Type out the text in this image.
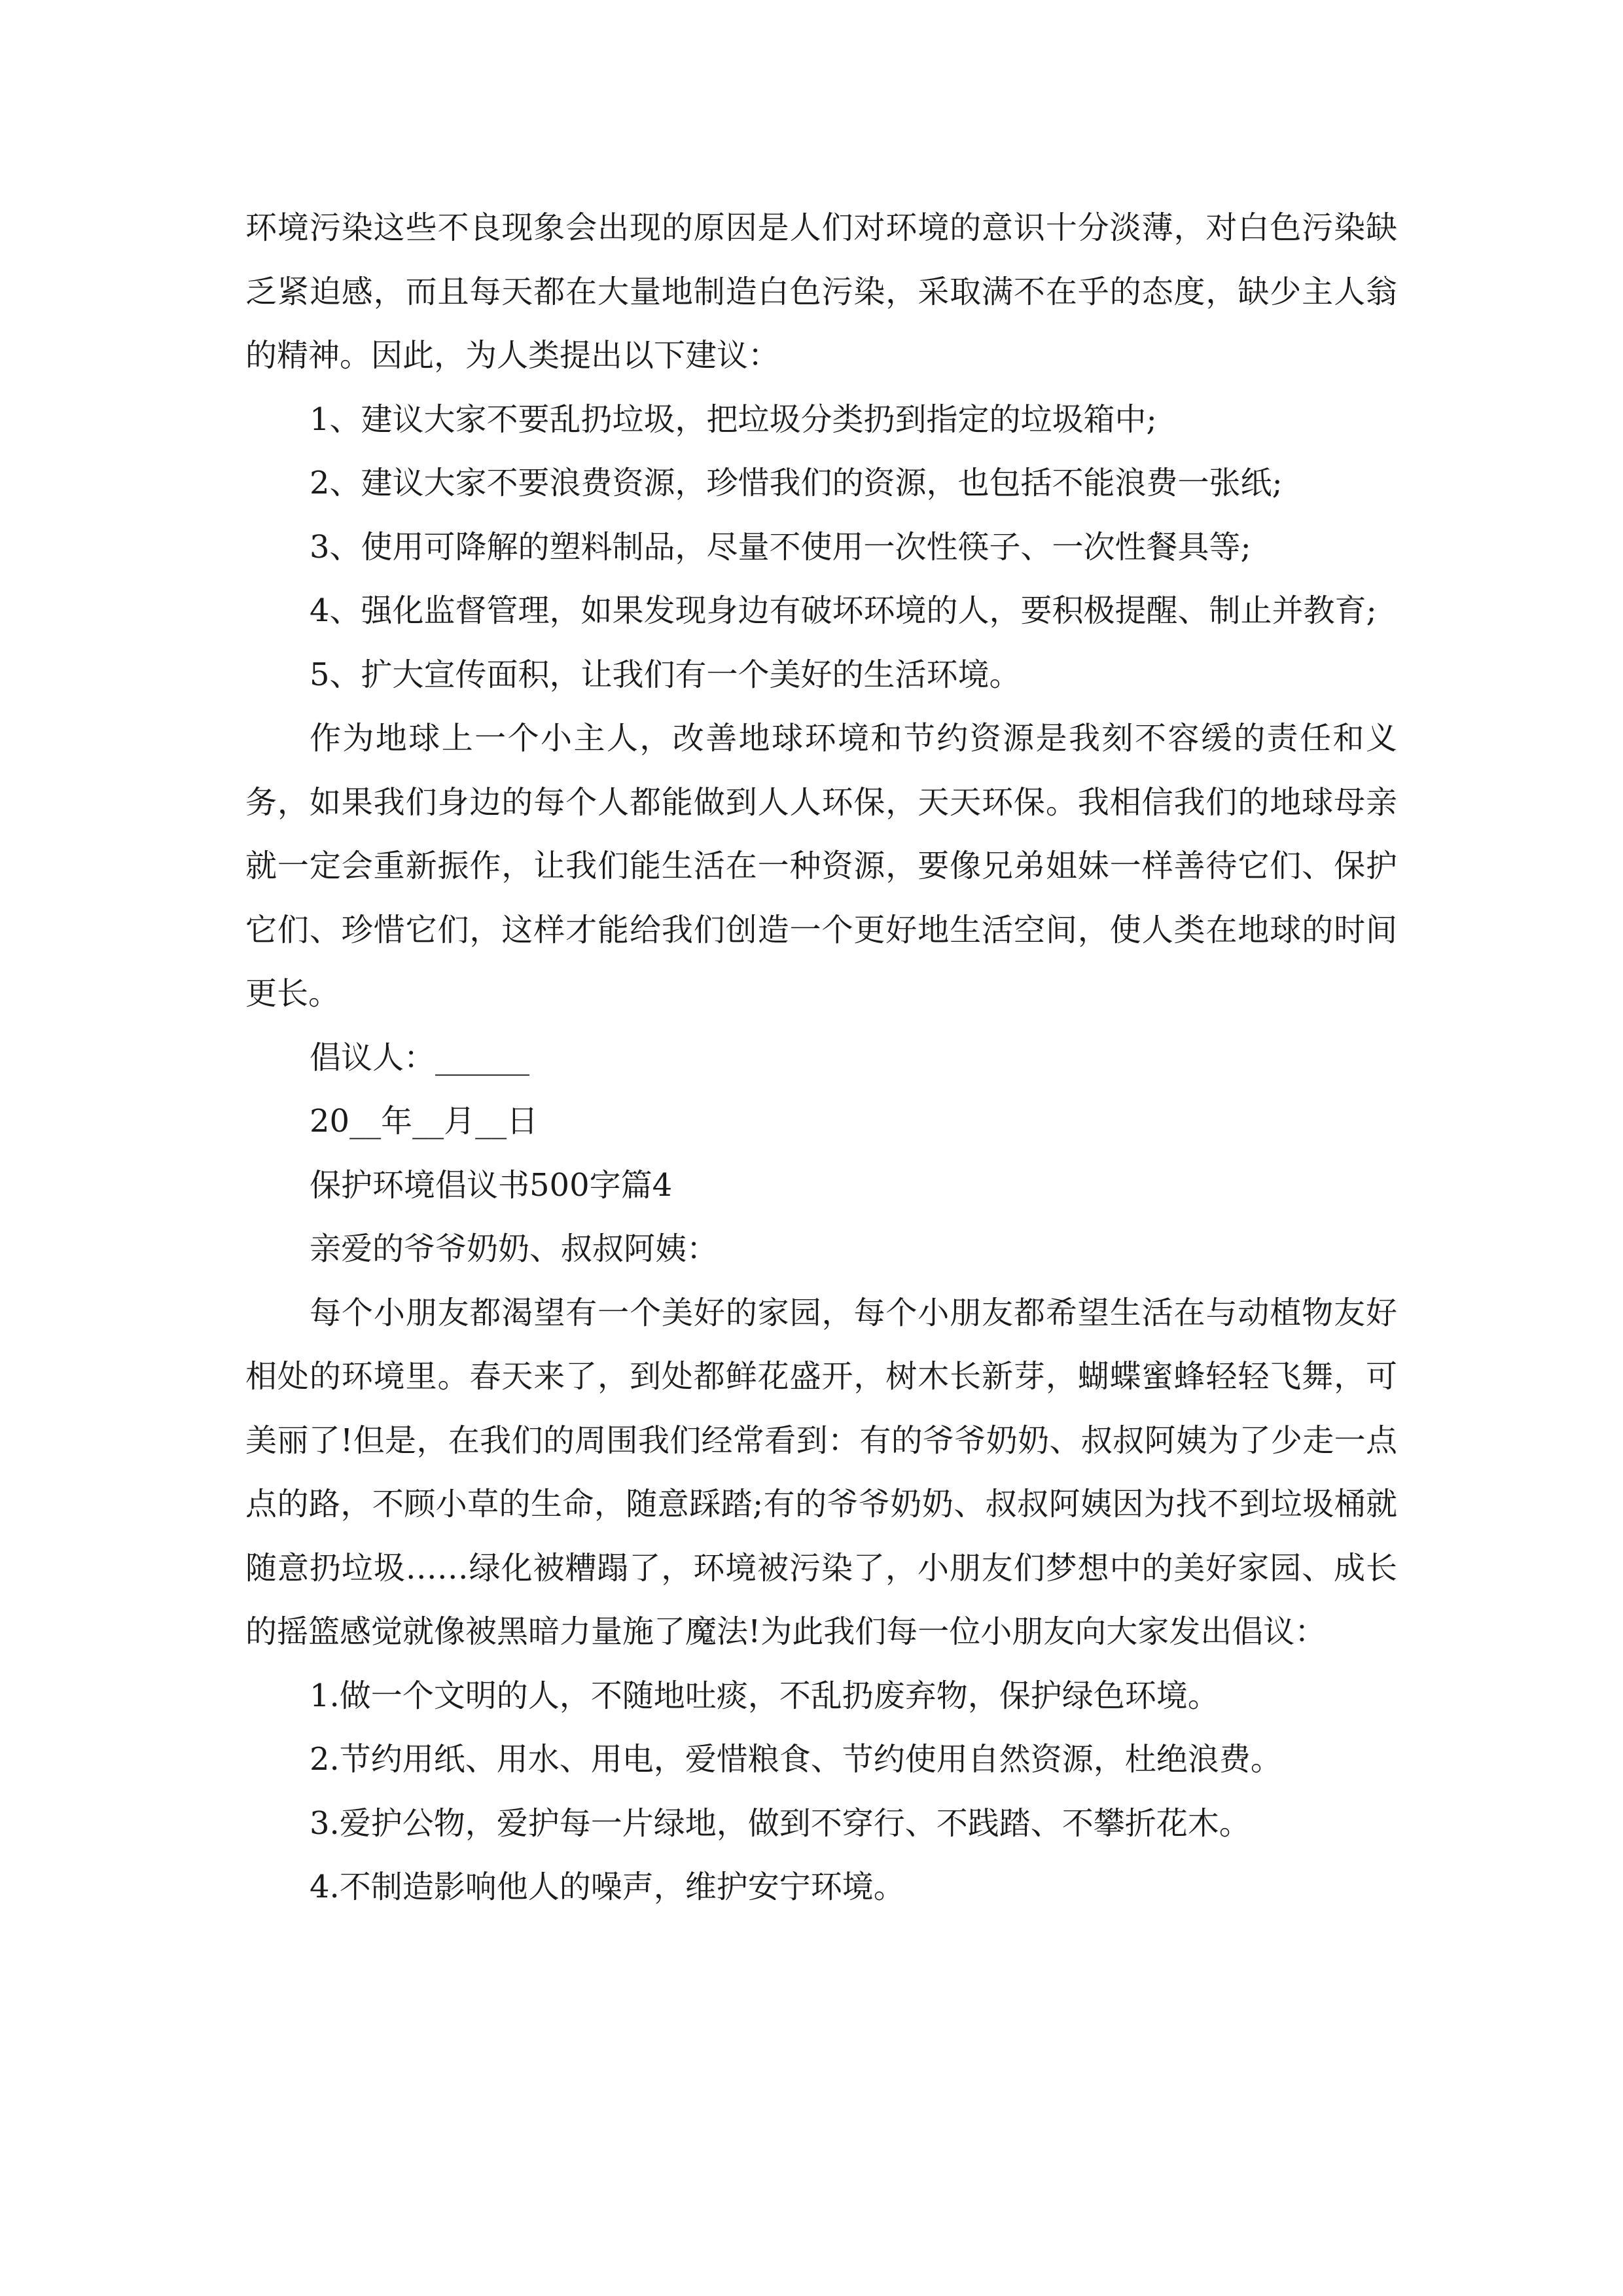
环境污染这些不良现象会出现的原因是人们对环境的意识十分淡薄，对白色污染缺乏紧迫感，而且每天都在大量地制造白色污染，采取满不在乎的态度，缺少主人翁的精神。因此，为人类提出以下建议：

1、建议大家不要乱扔垃圾，把垃圾分类扔到指定的垃圾箱中;

2、建议大家不要浪费资源，珍惜我们的资源，也包括不能浪费一张纸;

3、使用可降解的塑料制品，尽量不使用一次性筷子、一次性餐具等;

4、强化监督管理，如果发现身边有破坏环境的人，要积极提醒、制止并教育;

5、扩大宣传面积，让我们有一个美好的生活环境。

作为地球上一个小主人，改善地球环境和节约资源是我刻不容缓的责任和义务，如果我们身边的每个人都能做到人人环保，天天环保。我相信我们的地球母亲就一定会重新振作，让我们能生活在一种资源，要像兄弟姐妹一样善待它们、保护它们、珍惜它们，这样才能给我们创造一个更好地生活空间，使人类在地球的时间更长。

倡议人：______

20__年__月__日

保护环境倡议书500字篇4

亲爱的爷爷奶奶、叔叔阿姨：

每个小朋友都渴望有一个美好的家园，每个小朋友都希望生活在与动植物友好相处的环境里。春天来了，到处都鲜花盛开，树木长新芽，蝴蝶蜜蜂轻轻飞舞，可美丽了!但是，在我们的周围我们经常看到：有的爷爷奶奶、叔叔阿姨为了少走一点点的路，不顾小草的生命，随意踩踏;有的爷爷奶奶、叔叔阿姨因为找不到垃圾桶就随意扔垃圾……绿化被糟蹋了，环境被污染了，小朋友们梦想中的美好家园、成长的摇篮感觉就像被黑暗力量施了魔法!为此我们每一位小朋友向大家发出倡议：

1.做一个文明的人，不随地吐痰，不乱扔废弃物，保护绿色环境。

2.节约用纸、用水、用电，爱惜粮食、节约使用自然资源，杜绝浪费。

3.爱护公物，爱护每一片绿地，做到不穿行、不践踏、不攀折花木。

4.不制造影响他人的噪声，维护安宁环境。
